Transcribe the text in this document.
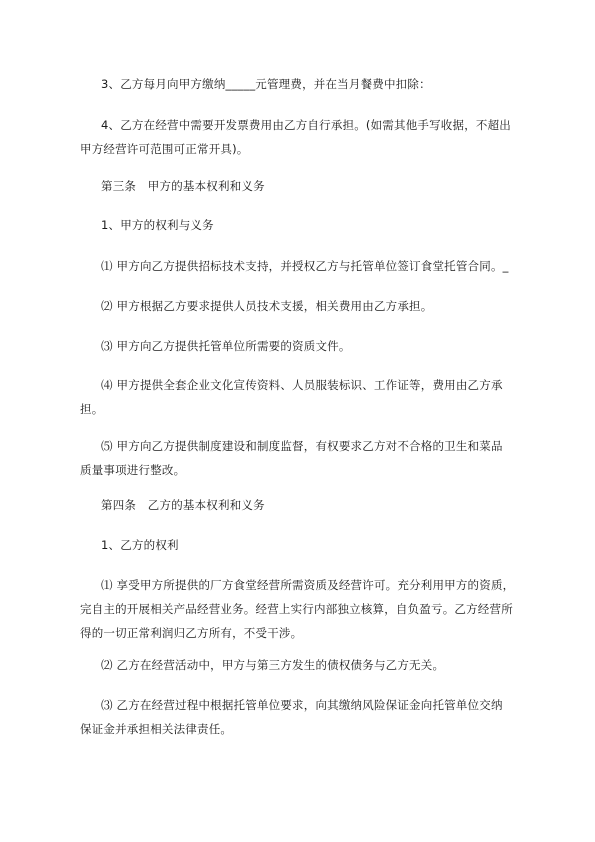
3、乙方每月向甲方缴纳_____元管理费，并在当月餐费中扣除：
4、乙方在经营中需要开发票费用由乙方自行承担。(如需其他手写收据，不超出
甲方经营许可范围可正常开具)。
第三条　甲方的基本权利和义务
1、甲方的权利与义务
⑴ 甲方向乙方提供招标技术支持，并授权乙方与托管单位签订食堂托管合同。_
⑵ 甲方根据乙方要求提供人员技术支援，相关费用由乙方承担。
⑶ 甲方向乙方提供托管单位所需要的资质文件。
⑷ 甲方提供全套企业文化宣传资料、人员服装标识、工作证等，费用由乙方承
担。
⑸ 甲方向乙方提供制度建设和制度监督，有权要求乙方对不合格的卫生和菜品
质量事项进行整改。
第四条　乙方的基本权利和义务
1、乙方的权利
⑴ 享受甲方所提供的厂方食堂经营所需资质及经营许可。充分利用甲方的资质，
完自主的开展相关产品经营业务。经营上实行内部独立核算，自负盈亏。乙方经营所
得的一切正常利润归乙方所有，不受干涉。
⑵ 乙方在经营活动中，甲方与第三方发生的债权债务与乙方无关。
⑶ 乙方在经营过程中根据托管单位要求，向其缴纳风险保证金向托管单位交纳
保证金并承担相关法律责任。
